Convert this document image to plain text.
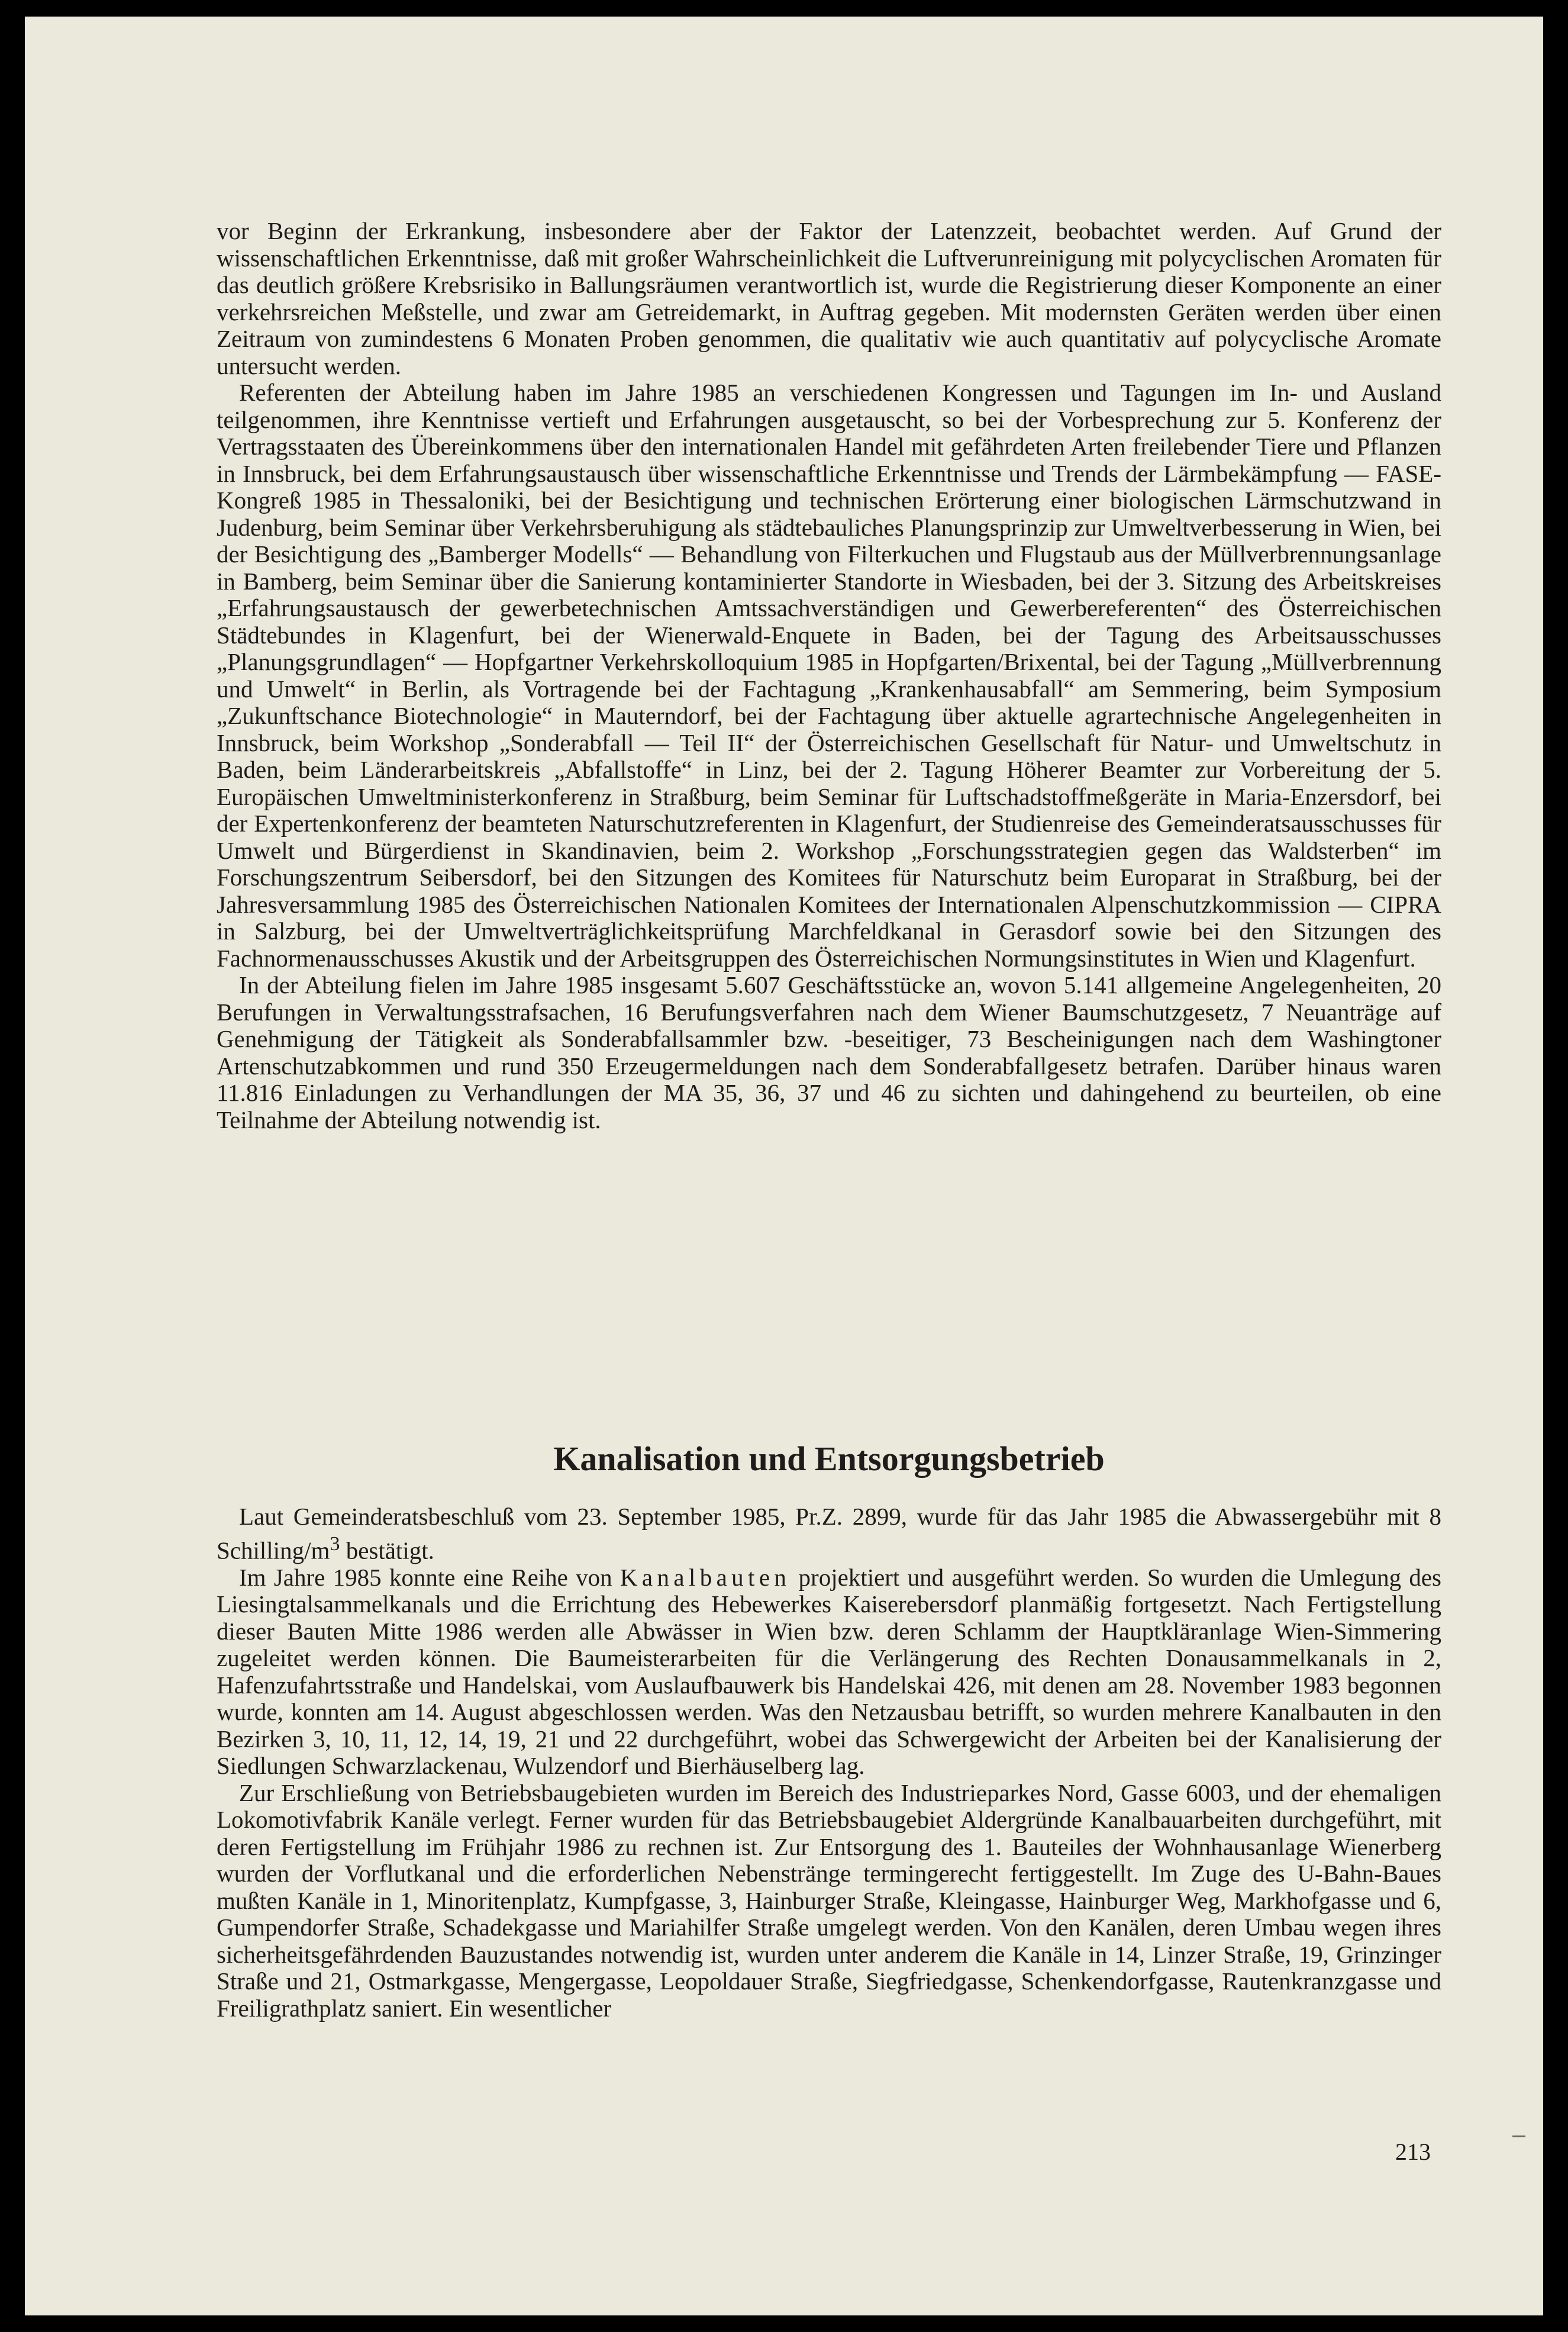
vor Beginn der Erkrankung, insbesondere aber der Faktor der Latenzzeit, beobachtet werden. Auf Grund der wissenschaftlichen Erkenntnisse, daß mit großer Wahrscheinlichkeit die Luftverunreinigung mit polycyclischen Aromaten für das deutlich größere Krebsrisiko in Ballungsräumen verantwortlich ist, wurde die Registrierung dieser Komponente an einer verkehrsreichen Meßstelle, und zwar am Getreidemarkt, in Auftrag gegeben. Mit modernsten Geräten werden über einen Zeitraum von zumindestens 6 Monaten Proben genommen, die qualitativ wie auch quantitativ auf polycyclische Aromate untersucht werden.

Referenten der Abteilung haben im Jahre 1985 an verschiedenen Kongressen und Tagungen im In- und Ausland teilgenommen, ihre Kenntnisse vertieft und Erfahrungen ausgetauscht, so bei der Vorbesprechung zur 5. Konferenz der Vertragsstaaten des Übereinkommens über den internationalen Handel mit gefährdeten Arten freilebender Tiere und Pflanzen in Innsbruck, bei dem Erfahrungsaustausch über wissenschaftliche Erkenntnisse und Trends der Lärmbekämpfung — FASE-Kongreß 1985 in Thessaloniki, bei der Besichtigung und technischen Erörterung einer biologischen Lärmschutzwand in Judenburg, beim Seminar über Verkehrsberuhigung als städtebauliches Planungsprinzip zur Umweltverbesserung in Wien, bei der Besichtigung des „Bamberger Modells“ — Behandlung von Filterkuchen und Flugstaub aus der Müllverbrennungsanlage in Bamberg, beim Seminar über die Sanierung kontaminierter Standorte in Wiesbaden, bei der 3. Sitzung des Arbeitskreises „Erfahrungsaustausch der gewerbetechnischen Amtssachverständigen und Gewerbereferenten“ des Österreichischen Städtebundes in Klagenfurt, bei der Wienerwald-Enquete in Baden, bei der Tagung des Arbeitsausschusses „Planungsgrundlagen“ — Hopfgartner Verkehrskolloquium 1985 in Hopfgarten/Brixental, bei der Tagung „Müllverbrennung und Umwelt“ in Berlin, als Vortragende bei der Fachtagung „Krankenhausabfall“ am Semmering, beim Symposium „Zukunftschance Biotechnologie“ in Mauterndorf, bei der Fachtagung über aktuelle agrartechnische Angelegenheiten in Innsbruck, beim Workshop „Sonderabfall — Teil II“ der Österreichischen Gesellschaft für Natur- und Umweltschutz in Baden, beim Länderarbeitskreis „Abfallstoffe“ in Linz, bei der 2. Tagung Höherer Beamter zur Vorbereitung der 5. Europäischen Umweltministerkonferenz in Straßburg, beim Seminar für Luftschadstoffmeßgeräte in Maria-Enzersdorf, bei der Expertenkonferenz der beamteten Naturschutzreferenten in Klagenfurt, der Studienreise des Gemeinderatsausschusses für Umwelt und Bürgerdienst in Skandinavien, beim 2. Workshop „Forschungsstrategien gegen das Waldsterben“ im Forschungszentrum Seibersdorf, bei den Sitzungen des Komitees für Naturschutz beim Europarat in Straßburg, bei der Jahresversammlung 1985 des Österreichischen Nationalen Komitees der Internationalen Alpenschutzkommission — CIPRA in Salzburg, bei der Umweltverträglichkeitsprüfung Marchfeldkanal in Gerasdorf sowie bei den Sitzungen des Fachnormenausschusses Akustik und der Arbeitsgruppen des Österreichischen Normungsinstitutes in Wien und Klagenfurt.

In der Abteilung fielen im Jahre 1985 insgesamt 5.607 Geschäftsstücke an, wovon 5.141 allgemeine Angelegenheiten, 20 Berufungen in Verwaltungsstrafsachen, 16 Berufungsverfahren nach dem Wiener Baumschutzgesetz, 7 Neuanträge auf Genehmigung der Tätigkeit als Sonderabfallsammler bzw. -beseitiger, 73 Bescheinigungen nach dem Washingtoner Artenschutzabkommen und rund 350 Erzeugermeldungen nach dem Sonderabfallgesetz betrafen. Darüber hinaus waren 11.816 Einladungen zu Verhandlungen der MA 35, 36, 37 und 46 zu sichten und dahingehend zu beurteilen, ob eine Teilnahme der Abteilung notwendig ist.

Kanalisation und Entsorgungsbetrieb

Laut Gemeinderatsbeschluß vom 23. September 1985, Pr.Z. 2899, wurde für das Jahr 1985 die Abwassergebühr mit 8 Schilling/$m^3$ bestätigt.

Im Jahre 1985 konnte eine Reihe von Kanalbauten projektiert und ausgeführt werden. So wurden die Umlegung des Liesingtalsammelkanals und die Errichtung des Hebewerkes Kaiserebersdorf planmäßig fortgesetzt. Nach Fertigstellung dieser Bauten Mitte 1986 werden alle Abwässer in Wien bzw. deren Schlamm der Hauptkläranlage Wien-Simmering zugeleitet werden können. Die Baumeisterarbeiten für die Verlängerung des Rechten Donausammelkanals in 2, Hafenzufahrtsstraße und Handelskai, vom Auslaufbauwerk bis Handelskai 426, mit denen am 28. November 1983 begonnen wurde, konnten am 14. August abgeschlossen werden. Was den Netzausbau betrifft, so wurden mehrere Kanalbauten in den Bezirken 3, 10, 11, 12, 14, 19, 21 und 22 durchgeführt, wobei das Schwergewicht der Arbeiten bei der Kanalisierung der Siedlungen Schwarzlackenau, Wulzendorf und Bierhäuselberg lag.

Zur Erschließung von Betriebsbaugebieten wurden im Bereich des Industrieparkes Nord, Gasse 6003, und der ehemaligen Lokomotivfabrik Kanäle verlegt. Ferner wurden für das Betriebsbaugebiet Aldergründe Kanalbauarbeiten durchgeführt, mit deren Fertigstellung im Frühjahr 1986 zu rechnen ist. Zur Entsorgung des 1. Bauteiles der Wohnhausanlage Wienerberg wurden der Vorflutkanal und die erforderlichen Nebenstränge termingerecht fertiggestellt. Im Zuge des U-Bahn-Baues mußten Kanäle in 1, Minoritenplatz, Kumpfgasse, 3, Hainburger Straße, Kleingasse, Hainburger Weg, Markhofgasse und 6, Gumpendorfer Straße, Schadekgasse und Mariahilfer Straße umgelegt werden. Von den Kanälen, deren Umbau wegen ihres sicherheitsgefährdenden Bauzustandes notwendig ist, wurden unter anderem die Kanäle in 14, Linzer Straße, 19, Grinzinger Straße und 21, Ostmarkgasse, Mengergasse, Leopoldauer Straße, Siegfriedgasse, Schenkendorfgasse, Rautenkranzgasse und Freiligrathplatz saniert. Ein wesentlicher

213
